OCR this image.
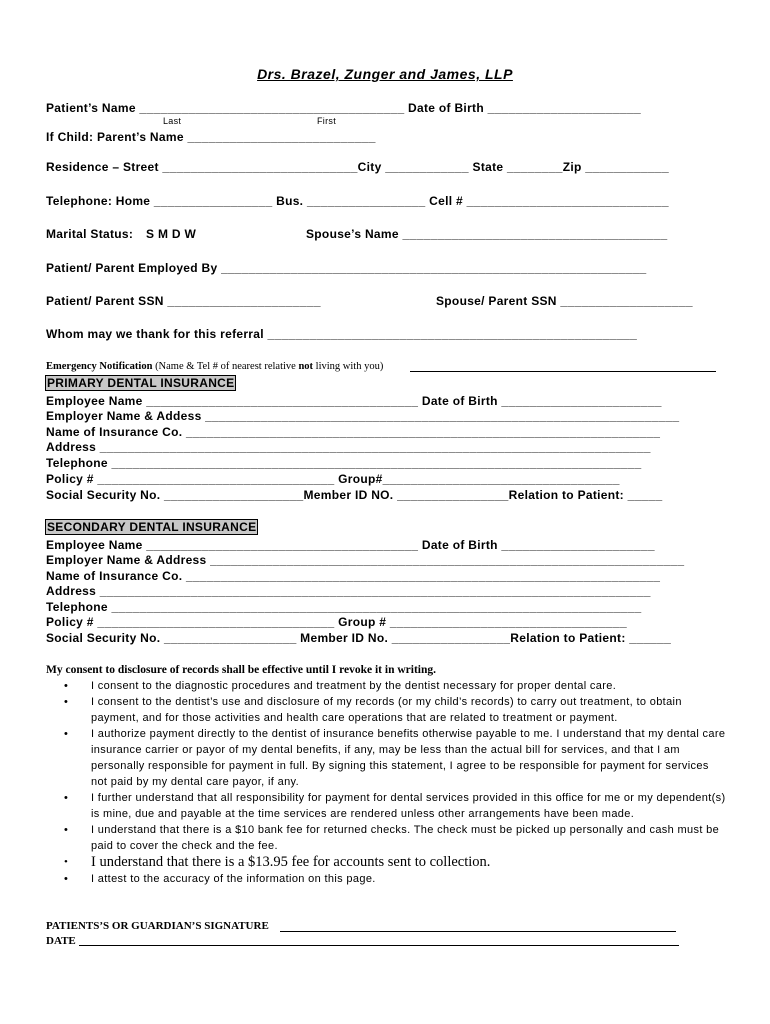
Drs. Brazel, Zunger and James, LLP
Patient’s Name ______________________________________ Date of Birth ______________________
Last	First
If Child: Parent’s Name ___________________________
Residence – Street ____________________________City ____________ State ________Zip ____________
Telephone: Home _________________ Bus. _________________ Cell # _____________________________
Marital Status: S M D W	Spouse’s Name ______________________________________
Patient/ Parent Employed By _____________________________________________________________
Patient/ Parent SSN ______________________	Spouse/ Parent SSN ___________________
Whom may we thank for this referral _____________________________________________________
Emergency Notification (Name & Tel # of nearest relative not living with you)
PRIMARY DENTAL INSURANCE
Employee Name _______________________________________ Date of Birth _______________________
Employer Name & Addess ____________________________________________________________________
Name of Insurance Co. ____________________________________________________________________
Address _______________________________________________________________________________
Telephone ____________________________________________________________________________
Policy # __________________________________ Group#__________________________________
Social Security No. ____________________Member ID NO. ________________Relation to Patient: _____
SECONDARY DENTAL INSURANCE
Employee Name _______________________________________ Date of Birth ______________________
Employer Name & Address ____________________________________________________________________
Name of Insurance Co. ____________________________________________________________________
Address _______________________________________________________________________________
Telephone ____________________________________________________________________________
Policy # __________________________________ Group # __________________________________
Social Security No. ___________________ Member ID No. _________________Relation to Patient: ______
My consent to disclosure of records shall be effective until I revoke it in writing.
• I consent to the diagnostic procedures and treatment by the dentist necessary for proper dental care.
• I consent to the dentist’s use and disclosure of my records (or my child’s records) to carry out treatment, to obtain payment, and for those activities and health care operations that are related to treatment or payment.
• I authorize payment directly to the dentist of insurance benefits otherwise payable to me. I understand that my dental care insurance carrier or payor of my dental benefits, if any, may be less than the actual bill for services, and that I am personally responsible for payment in full. By signing this statement, I agree to be responsible for payment for services not paid by my dental care payor, if any.
• I further understand that all responsibility for payment for dental services provided in this office for me or my dependent(s) is mine, due and payable at the time services are rendered unless other arrangements have been made.
• I understand that there is a $10 bank fee for returned checks. The check must be picked up personally and cash must be paid to cover the check and the fee.
• I understand that there is a $13.95 fee for accounts sent to collection.
• I attest to the accuracy of the information on this page.
PATIENTS’S OR GUARDIAN’S SIGNATURE
DATE
